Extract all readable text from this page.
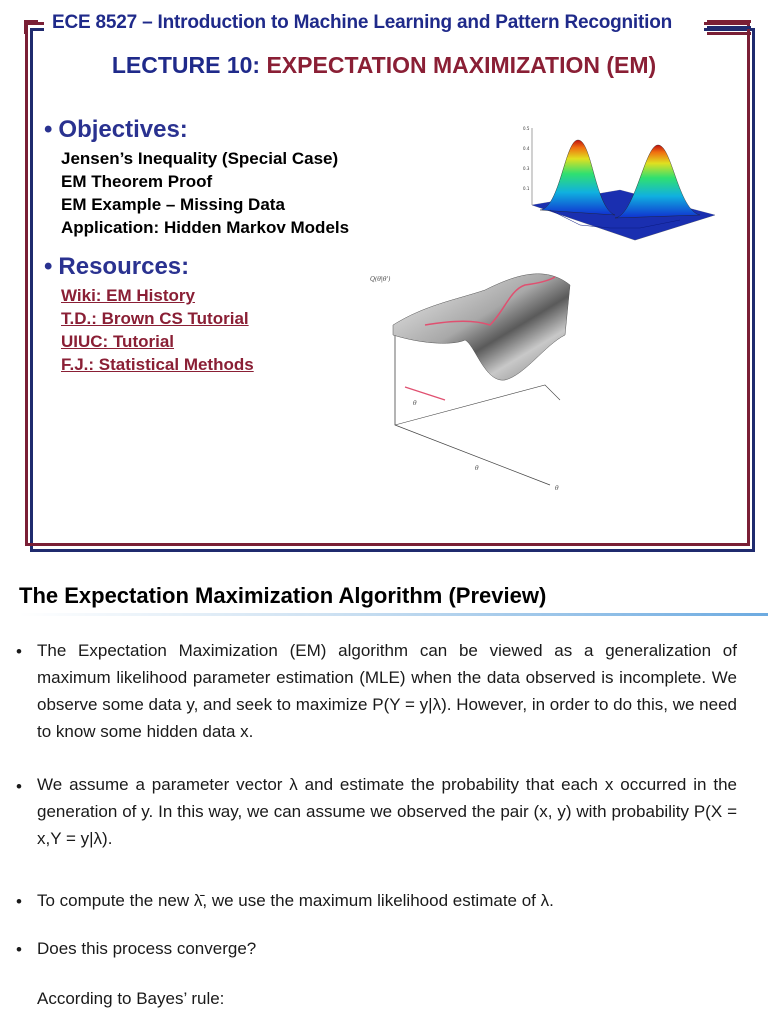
ECE 8527 – Introduction to Machine Learning and Pattern Recognition
LECTURE 10: EXPECTATION MAXIMIZATION (EM)
• Objectives:
Jensen’s Inequality (Special Case)
EM Theorem Proof
EM Example – Missing Data
Application: Hidden Markov Models
• Resources:
Wiki: EM History
T.D.: Brown CS Tutorial
UIUC: Tutorial
F.J.: Statistical Methods
0.5
0.4
0.3
0.1
Q(θ|θ')
θ
θ
θ
The Expectation Maximization Algorithm (Preview)
• The Expectation Maximization (EM) algorithm can be viewed as a generalization of maximum likelihood parameter estimation (MLE) when the data observed is incomplete. We observe some data y, and seek to maximize P(Y = y|λ). However, in order to do this, we need to know some hidden data x.
• We assume a parameter vector λ and estimate the probability that each x occurred in the generation of y. In this way, we can assume we observed the pair (x, y) with probability P(X = x,Y = y|λ).
• To compute the new λ̄, we use the maximum likelihood estimate of λ.
• Does this process converge?
According to Bayes’ rule:
